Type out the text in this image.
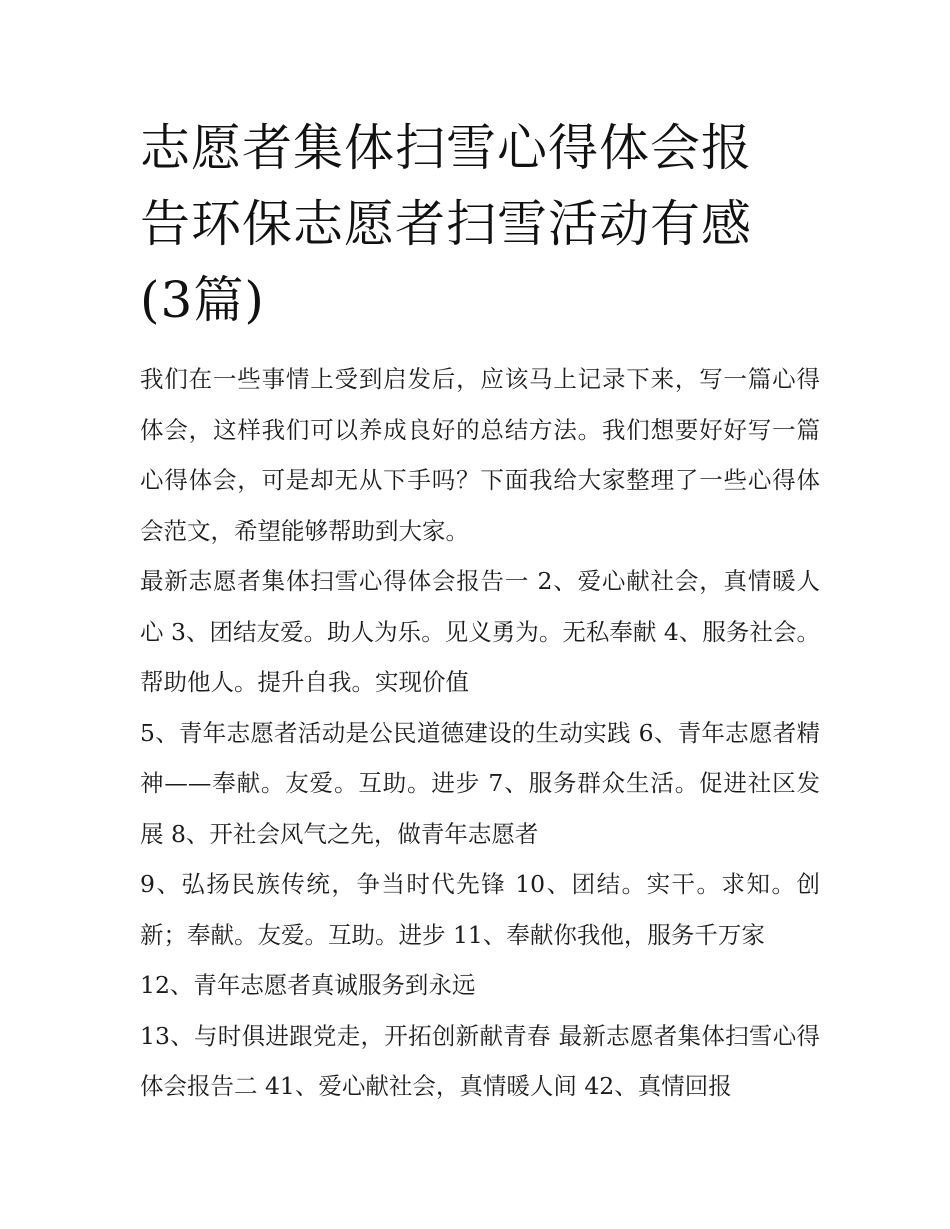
志愿者集体扫雪心得体会报告环保志愿者扫雪活动有感(3篇)

我们在一些事情上受到启发后，应该马上记录下来，写一篇心得体会，这样我们可以养成良好的总结方法。我们想要好好写一篇心得体会，可是却无从下手吗？下面我给大家整理了一些心得体会范文，希望能够帮助到大家。

最新志愿者集体扫雪心得体会报告一 2、爱心献社会，真情暖人心 3、团结友爱。助人为乐。见义勇为。无私奉献 4、服务社会。帮助他人。提升自我。实现价值

5、青年志愿者活动是公民道德建设的生动实践 6、青年志愿者精神——奉献。友爱。互助。进步 7、服务群众生活。促进社区发展 8、开社会风气之先，做青年志愿者

9、弘扬民族传统，争当时代先锋 10、团结。实干。求知。创新；奉献。友爱。互助。进步 11、奉献你我他，服务千万家

12、青年志愿者真诚服务到永远

13、与时俱进跟党走，开拓创新献青春 最新志愿者集体扫雪心得体会报告二 41、爱心献社会，真情暖人间 42、真情回报
